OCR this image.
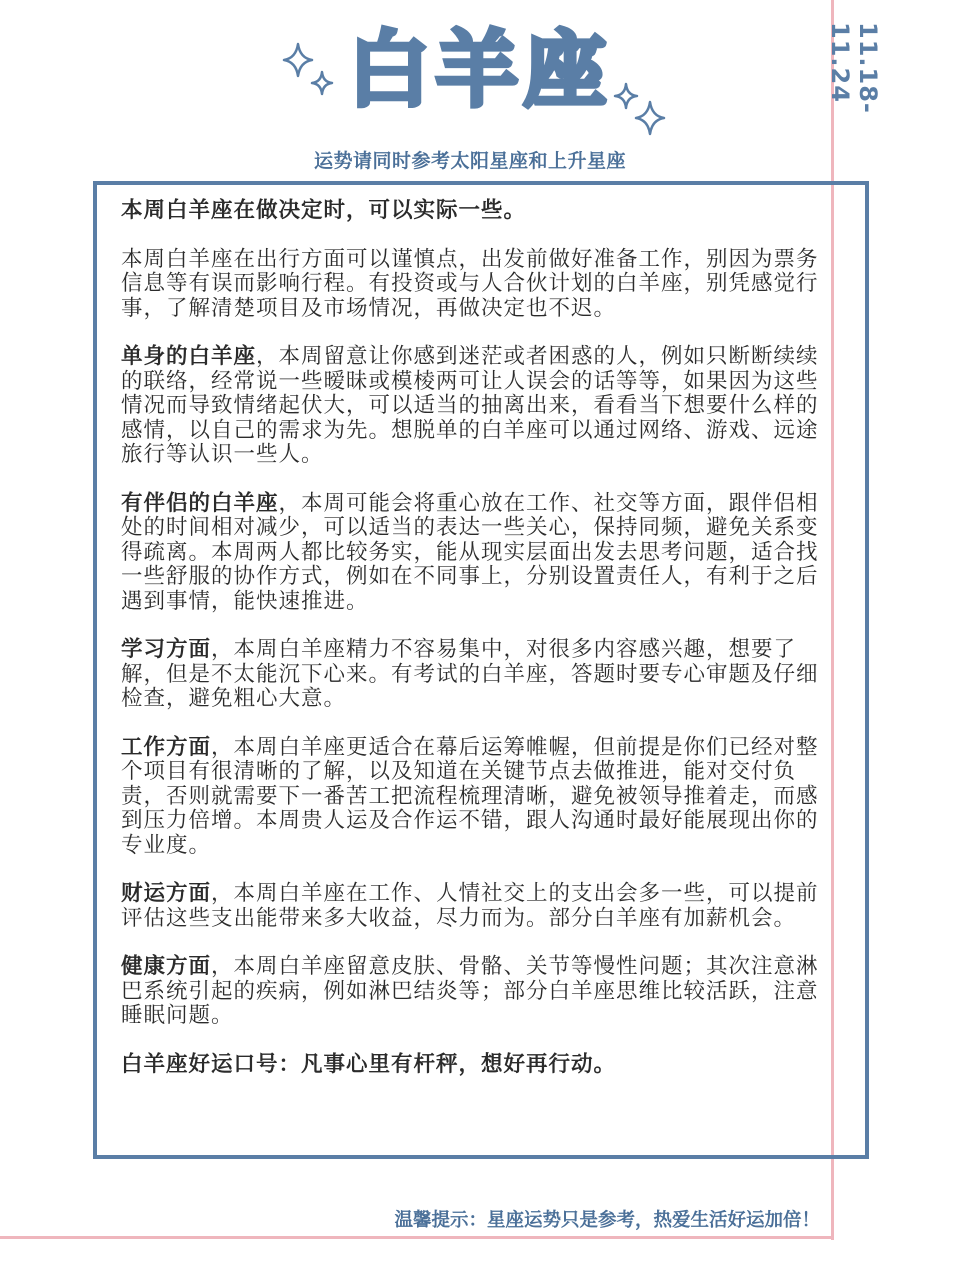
11.18-11.24
白羊座
运势请同时参考太阳星座和上升星座

本周白羊座在做决定时，可以实际一些。

本周白羊座在出行方面可以谨慎点，出发前做好准备工作，别因为票务信息等有误而影响行程。有投资或与人合伙计划的白羊座，别凭感觉行事，了解清楚项目及市场情况，再做决定也不迟。

单身的白羊座，本周留意让你感到迷茫或者困惑的人，例如只断断续续的联络，经常说一些暧昧或模棱两可让人误会的话等等，如果因为这些情况而导致情绪起伏大，可以适当的抽离出来，看看当下想要什么样的感情，以自己的需求为先。想脱单的白羊座可以通过网络、游戏、远途旅行等认识一些人。

有伴侣的白羊座，本周可能会将重心放在工作、社交等方面，跟伴侣相处的时间相对减少，可以适当的表达一些关心，保持同频，避免关系变得疏离。本周两人都比较务实，能从现实层面出发去思考问题，适合找一些舒服的协作方式，例如在不同事上，分别设置责任人，有利于之后遇到事情，能快速推进。

学习方面，本周白羊座精力不容易集中，对很多内容感兴趣，想要了解，但是不太能沉下心来。有考试的白羊座，答题时要专心审题及仔细检查，避免粗心大意。

工作方面，本周白羊座更适合在幕后运筹帷幄，但前提是你们已经对整个项目有很清晰的了解，以及知道在关键节点去做推进，能对交付负责，否则就需要下一番苦工把流程梳理清晰，避免被领导推着走，而感到压力倍增。本周贵人运及合作运不错，跟人沟通时最好能展现出你的专业度。

财运方面，本周白羊座在工作、人情社交上的支出会多一些，可以提前评估这些支出能带来多大收益，尽力而为。部分白羊座有加薪机会。

健康方面，本周白羊座留意皮肤、骨骼、关节等慢性问题；其次注意淋巴系统引起的疾病，例如淋巴结炎等；部分白羊座思维比较活跃，注意睡眠问题。

白羊座好运口号：凡事心里有杆秤，想好再行动。

温馨提示：星座运势只是参考，热爱生活好运加倍！
